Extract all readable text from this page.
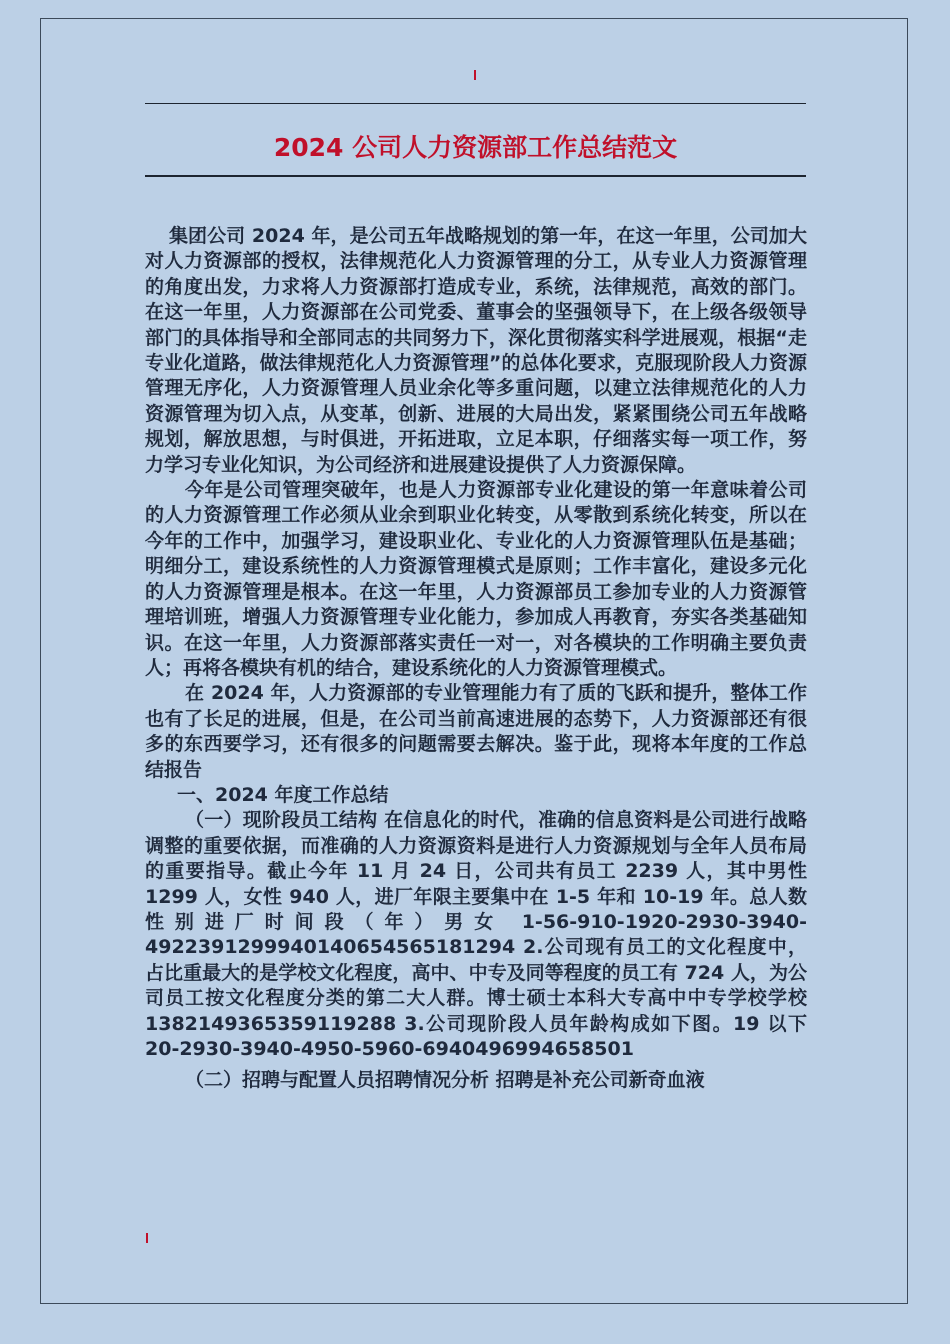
2024 公司人力资源部工作总结范文

集团公司 2024 年，是公司五年战略规划的第一年，在这一年里，公司加大对人力资源部的授权，法律规范化人力资源管理的分工，从专业人力资源管理的角度出发，力求将人力资源部打造成专业，系统，法律规范，高效的部门。在这一年里，人力资源部在公司党委、董事会的坚强领导下，在上级各级领导部门的具体指导和全部同志的共同努力下，深化贯彻落实科学进展观，根据“走专业化道路，做法律规范化人力资源管理”的总体化要求，克服现阶段人力资源管理无序化，人力资源管理人员业余化等多重问题，以建立法律规范化的人力资源管理为切入点，从变革，创新、进展的大局出发，紧紧围绕公司五年战略规划，解放思想，与时俱进，开拓进取，立足本职，仔细落实每一项工作，努力学习专业化知识，为公司经济和进展建设提供了人力资源保障。

今年是公司管理突破年，也是人力资源部专业化建设的第一年意味着公司的人力资源管理工作必须从业余到职业化转变，从零散到系统化转变，所以在今年的工作中，加强学习，建设职业化、专业化的人力资源管理队伍是基础；明细分工，建设系统性的人力资源管理模式是原则；工作丰富化，建设多元化的人力资源管理是根本。在这一年里，人力资源部员工参加专业的人力资源管理培训班，增强人力资源管理专业化能力，参加成人再教育，夯实各类基础知识。在这一年里，人力资源部落实责任一对一，对各模块的工作明确主要负责人；再将各模块有机的结合，建设系统化的人力资源管理模式。

在 2024 年，人力资源部的专业管理能力有了质的飞跃和提升，整体工作也有了长足的进展，但是，在公司当前高速进展的态势下，人力资源部还有很多的东西要学习，还有很多的问题需要去解决。鉴于此，现将本年度的工作总结报告

一、2024 年度工作总结

（一）现阶段员工结构 在信息化的时代，准确的信息资料是公司进行战略调整的重要依据，而准确的人力资源资料是进行人力资源规划与全年人员布局的重要指导。截止今年 11 月 24 日，公司共有员工 2239 人，其中男性 1299 人，女性 940 人，进厂年限主要集中在 1-5 年和 10-19 年。总人数性别进厂时间段（年）男女 1-56-910-1920-2930-3940-4922391299940140654565181294 2.公司现有员工的文化程度中，占比重最大的是学校文化程度，高中、中专及同等程度的员工有 724 人，为公司员工按文化程度分类的第二大人群。博士硕士本科大专高中中专学校学校 1382149365359119288 3.公司现阶段人员年龄构成如下图。19 以下 20-2930-3940-4950-5960-6940496994658501

（二）招聘与配置人员招聘情况分析 招聘是补充公司新奇血液
